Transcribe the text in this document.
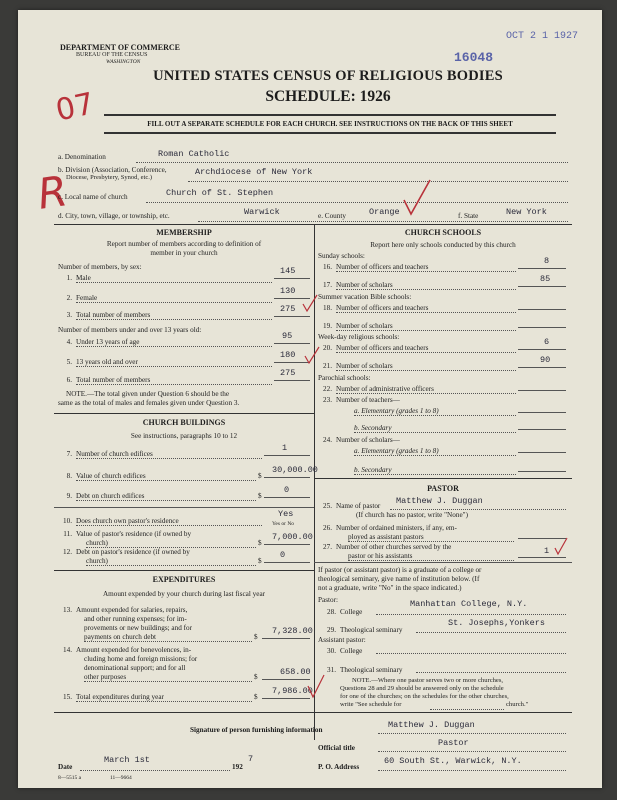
DEPARTMENT OF COMMERCE
BUREAU OF THE CENSUS
WASHINGTON
OCT 2 1 1927
16048
UNITED STATES CENSUS OF RELIGIOUS BODIES
SCHEDULE: 1926
07	FILL OUT A SEPARATE SCHEDULE FOR EACH CHURCH. SEE INSTRUCTIONS ON THE BACK OF THIS SHEET
R
a. Denomination	Roman Catholic
b. Division (Association, Conference,
Diocese, Presbytery, Synod, etc.)
Archdiocese of New York
c. Local name of church	Church of St. Stephen
d. City, town, village, or township, etc.	Warwick	e. County	Orange	f. State	New York
MEMBERSHIP
Report number of members according to definition of
member in your church
Number of members, by sex:
1. Male
145
2. Female
130
3. Total number of members
275
Number of members under and over 13 years old:
4. Under 13 years of age
95
5. 13 years old and over
180
6. Total number of members
275
NOTE.—The total given under Question 6 should be the
same as the total of males and females given under Question 3.
CHURCH BUILDINGS
See instructions, paragraphs 10 to 12
7. Number of church edifices
1
8. Value of church edifices	$
30,000.00
9. Debt on church edifices	$
0
10. Does church own pastor's residence
Yes
Yes or No
11. Value of pastor's residence (if owned by
church)	$
7,000.00
12. Debt on pastor's residence (if owned by
church)	$
0
EXPENDITURES
Amount expended by your church during last fiscal year
13. Amount expended for salaries, repairs,
and other running expenses; for im-
provements or new buildings; and for
payments on church debt	$
7,328.00
14. Amount expended for benevolences, in-
cluding home and foreign missions; for
denominational support; and for all
other purposes	$	658.00
15. Total expenditures during year	$
7,986.00
CHURCH SCHOOLS
Report here only schools conducted by this church
Sunday schools:
16. Number of officers and teachers
8
17. Number of scholars
85
Summer vacation Bible schools:
18. Number of officers and teachers
19. Number of scholars
Week-day religious schools:
20. Number of officers and teachers
6
21. Number of scholars
90
Parochial schools:
22. Number of administrative officers
23. Number of teachers—
a. Elementary (grades 1 to 8)
b. Secondary
24. Number of scholars—
a. Elementary (grades 1 to 8)
b. Secondary
PASTOR
25. Name of pastor Matthew J. Duggan
(If church has no pastor, write "None")
26. Number of ordained ministers, if any, em-
ployed as assistant pastors
27. Number of other churches served by the
pastor or his assistants	1
If pastor (or assistant pastor) is a graduate of a college or
theological seminary, give name of institution below. (If
not a graduate, write "No" in the space indicated.)
Pastor:
28. College
Manhattan College, N.Y.
29. Theological seminary
St. Josephs,Yonkers
Assistant pastor:
30. College
31. Theological seminary
NOTE.—Where one pastor serves two or more churches,
Questions 28 and 29 should be answered only on the schedule
for one of the churches; on the schedules for the other churches,
write "See schedule for	church."
Signature of person furnishing information	Matthew J. Duggan
Official title	Pastor
Date
March 1st
192
7
P. O. Address
60 South St., Warwick, N.Y.
8—5515 a	11—9664
